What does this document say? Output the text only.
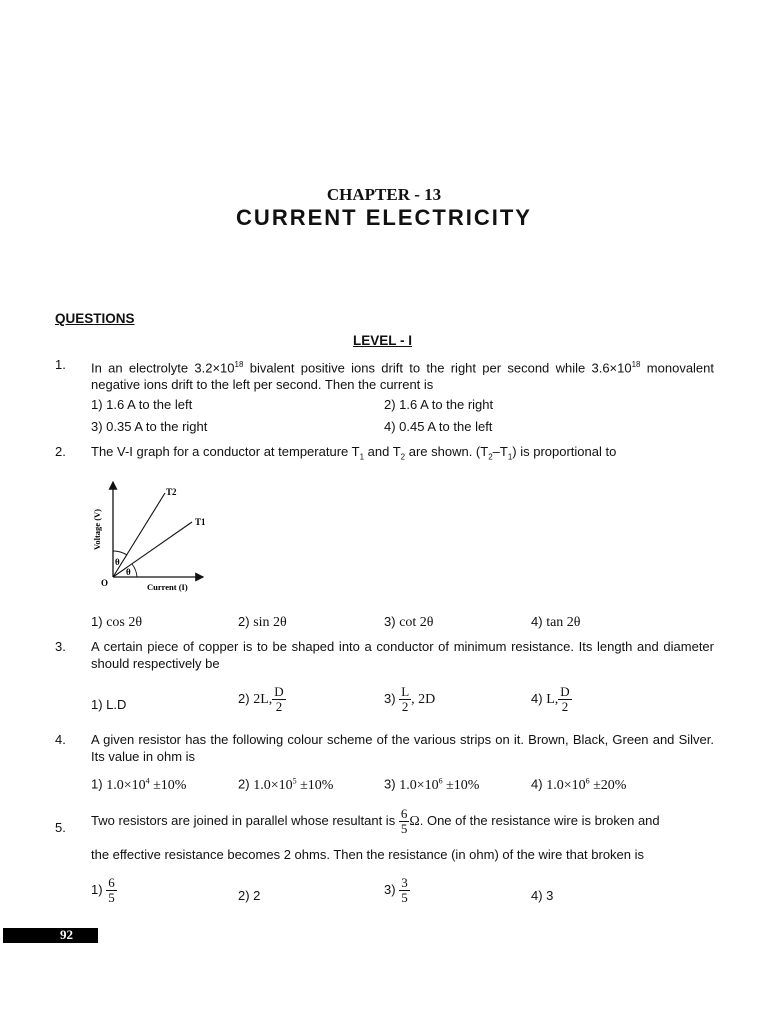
CHAPTER - 13
CURRENT ELECTRICITY
QUESTIONS
LEVEL - I
1. In an electrolyte $3.2\times 10^{18}$ bivalent positive ions drift to the right per second while $3.6\times 10^{18}$ monovalent negative ions drift to the left per second. Then the current is
1) 1.6 A to the left	2) 1.6 A to the right
3) 0.35 A to the right	4) 0.45 A to the left
2. The V-I graph for a conductor at temperature $T_1$ and $T_2$ are shown. $(T_2-T_1)$ is proportional to
θ
θ
O	Current (I)
Voltage (V)
T2
T1
1) cos 2θ	2) sin 2θ	3) cot 2θ	4) tan 2θ
3. A certain piece of copper is to be shaped into a conductor of minimum resistance. Its length and diameter should respectively be
1) L.D	2) 2L, $\frac{D}{2}$	$3) \frac{L}{2}$ , 2D	4) L, $\frac{D}{2}$
4. A given resistor has the following colour scheme of the various strips on it. Brown, Black, Green and Silver. Its value in ohm is
1) $1.0\times 10^4 \pm 10\%$	2) $1.0\times 10^5 \pm 10\%$	3) $1.0\times 10^6 \pm 10\%$	4) $1.0\times 10^6 \pm 20\%$
5. Two resistors are joined in parallel whose resultant is $\frac{6}{5} \Omega$. One of the resistance wire is broken and
the effective resistance becomes 2 ohms. Then the resistance (in ohm) of the wire that broken is
$1) \frac{6}{5}$	2) 2	$3) \frac{3}{5}$	4) 3
92
